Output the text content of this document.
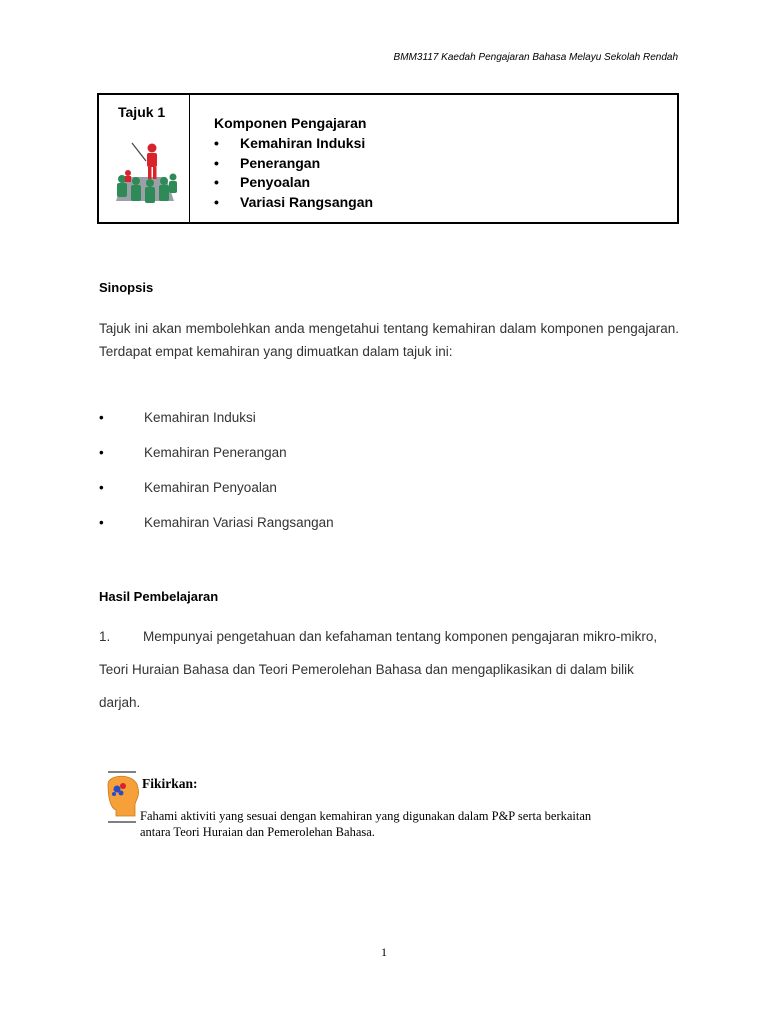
BMM3117 Kaedah Pengajaran Bahasa Melayu Sekolah Rendah
Tajuk 1
Komponen Pengajaran
• Kemahiran Induksi
• Penerangan
• Penyoalan
• Variasi Rangsangan
Sinopsis
Tajuk ini akan membolehkan anda mengetahui tentang kemahiran dalam komponen pengajaran. Terdapat empat kemahiran yang dimuatkan dalam tajuk ini:
• Kemahiran Induksi
• Kemahiran Penerangan
• Kemahiran Penyoalan
• Kemahiran Variasi Rangsangan
Hasil Pembelajaran
1. Mempunyai pengetahuan dan kefahaman tentang komponen pengajaran mikro-mikro,
Teori Huraian Bahasa dan Teori Pemerolehan Bahasa dan mengaplikasikan di dalam bilik
darjah.
Fikirkan:
Fahami aktiviti yang sesuai dengan kemahiran yang digunakan dalam P&P serta berkaitan
antara Teori Huraian dan Pemerolehan Bahasa.
1
